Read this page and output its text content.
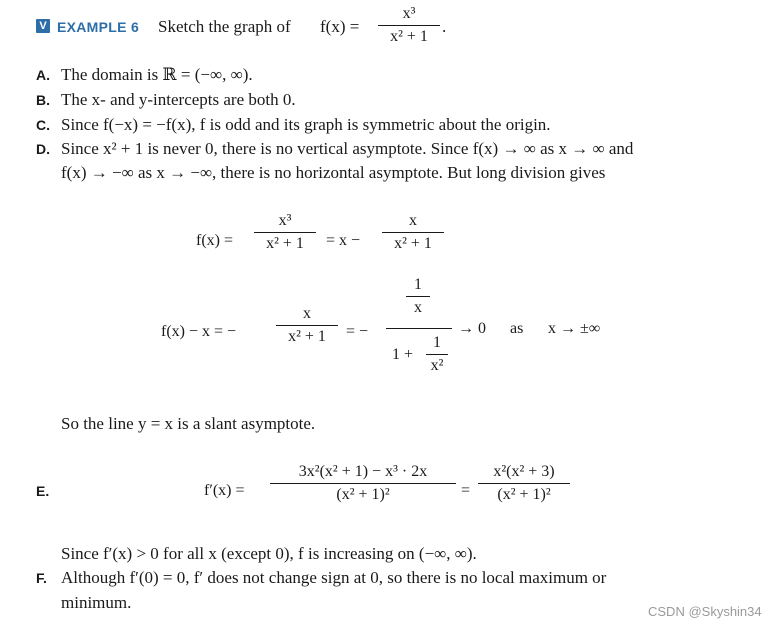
V EXAMPLE 6 Sketch the graph of f(x) =
x³
x² + 1
.
A. The domain is ℝ = (−∞, ∞).
B. The x- and y-intercepts are both 0.
C. Since f(−x) = −f(x), f is odd and its graph is symmetric about the origin.
D. Since x² + 1 is never 0, there is no vertical asymptote. Since f(x) → ∞ as x → ∞ and
f(x) → −∞ as x → −∞, there is no horizontal asymptote. But long division gives
f(x) =
x³
x² + 1 = x −
x
x² + 1
f(x) − x = −
x
x² + 1 = −
1
x
1 +
1
x²
→ 0 as x → ±∞
So the line y = x is a slant asymptote.
E.	f′(x) =
3x²(x² + 1) − x³ · 2x
(x² + 1)²	=
x²(x² + 3)
(x² + 1)²
Since f′(x) > 0 for all x (except 0), f is increasing on (−∞, ∞).
F. Although f′(0) = 0, f′ does not change sign at 0, so there is no local maximum or
minimum.	CSDN @Skyshin34
